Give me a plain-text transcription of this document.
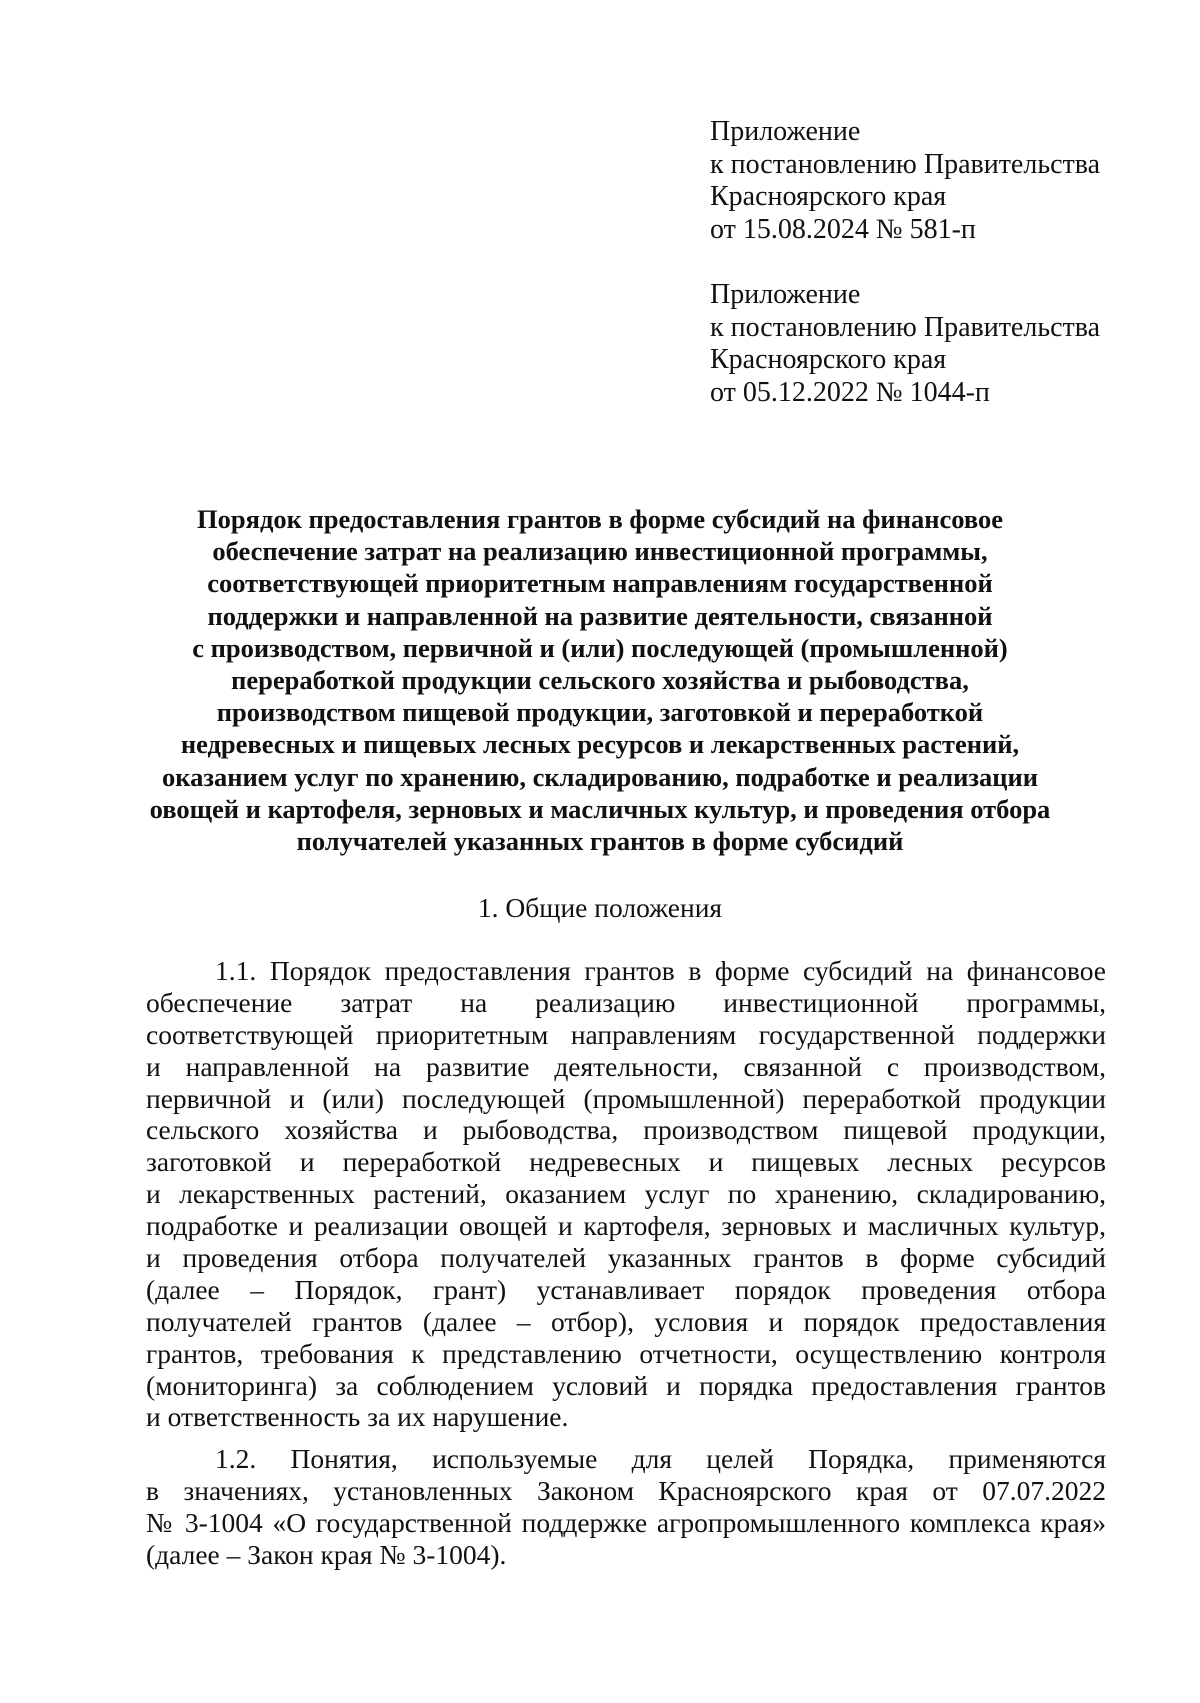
Приложение
к постановлению Правительства
Красноярского края
от 15.08.2024 № 581-п
Приложение
к постановлению Правительства
Красноярского края
от 05.12.2022 № 1044-п
Порядок предоставления грантов в форме субсидий на финансовое
обеспечение затрат на реализацию инвестиционной программы,
соответствующей приоритетным направлениям государственной
поддержки и направленной на развитие деятельности, связанной
с производством, первичной и (или) последующей (промышленной)
переработкой продукции сельского хозяйства и рыбоводства,
производством пищевой продукции, заготовкой и переработкой
недревесных и пищевых лесных ресурсов и лекарственных растений,
оказанием услуг по хранению, складированию, подработке и реализации
овощей и картофеля, зерновых и масличных культур, и проведения отбора
получателей указанных грантов в форме субсидий
1. Общие положения
1.1. Порядок предоставления грантов в форме субсидий на финансовое
обеспечение затрат на реализацию инвестиционной программы,
соответствующей приоритетным направлениям государственной поддержки
и направленной на развитие деятельности, связанной с производством,
первичной и (или) последующей (промышленной) переработкой продукции
сельского хозяйства и рыбоводства, производством пищевой продукции,
заготовкой и переработкой недревесных и пищевых лесных ресурсов
и лекарственных растений, оказанием услуг по хранению, складированию,
подработке и реализации овощей и картофеля, зерновых и масличных культур,
и проведения отбора получателей указанных грантов в форме субсидий
(далее – Порядок, грант) устанавливает порядок проведения отбора
получателей грантов (далее – отбор), условия и порядок предоставления
грантов, требования к представлению отчетности, осуществлению контроля
(мониторинга) за соблюдением условий и порядка предоставления грантов
и ответственность за их нарушение.
1.2. Понятия, используемые для целей Порядка, применяются
в значениях, установленных Законом Красноярского края от 07.07.2022
№ 3-1004 «О государственной поддержке агропромышленного комплекса края»
(далее – Закон края № 3-1004).
